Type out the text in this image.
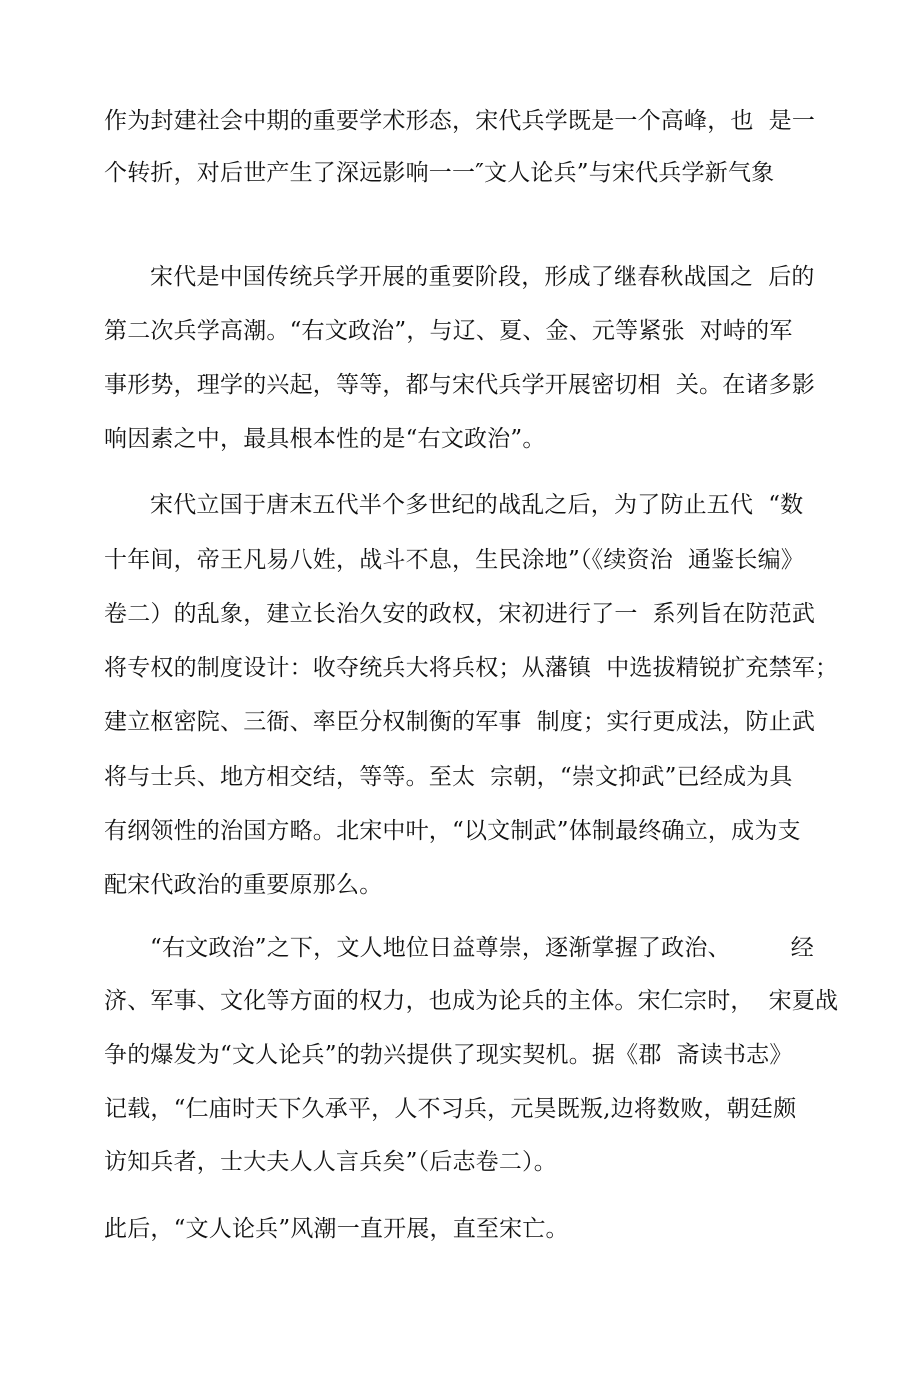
作为封建社会中期的重要学术形态，宋代兵学既是一个高峰，也  是一
个转折，对后世产生了深远影响一一″文人论兵”与宋代兵学新气象
宋代是中国传统兵学开展的重要阶段，形成了继春秋战国之  后的
第二次兵学高潮。“右文政治”，与辽、夏、金、元等紧张  对峙的军
事形势，理学的兴起，等等，都与宋代兵学开展密切相  关。在诸多影
响因素之中，最具根本性的是“右文政治”。
宋代立国于唐末五代半个多世纪的战乱之后，为了防止五代  “数
十年间，帝王凡易八姓，战斗不息，生民涂地”（《续资治  通鉴长编》
卷二）的乱象，建立长治久安的政权，宋初进行了一  系列旨在防范武
将专权的制度设计：收夺统兵大将兵权；从藩镇  中选拔精锐扩充禁军；
建立枢密院、三衙、率臣分权制衡的军事  制度；实行更成法，防止武
将与士兵、地方相交结，等等。至太  宗朝，“崇文抑武”已经成为具
有纲领性的治国方略。北宋中叶，“以文制武”体制最终确立，成为支
配宋代政治的重要原那么。
“右文政治”之下，文人地位日益尊崇，逐渐掌握了政治、        经
济、军事、文化等方面的权力，也成为论兵的主体。宋仁宗时，  宋夏战
争的爆发为“文人论兵”的勃兴提供了现实契机。据《郡  斋读书志》
记载，“仁庙时天下久承平，人不习兵，元昊既叛,边将数败，朝廷颇
访知兵者，士大夫人人言兵矣”（后志卷二）。
此后，“文人论兵”风潮一直开展，直至宋亡。
